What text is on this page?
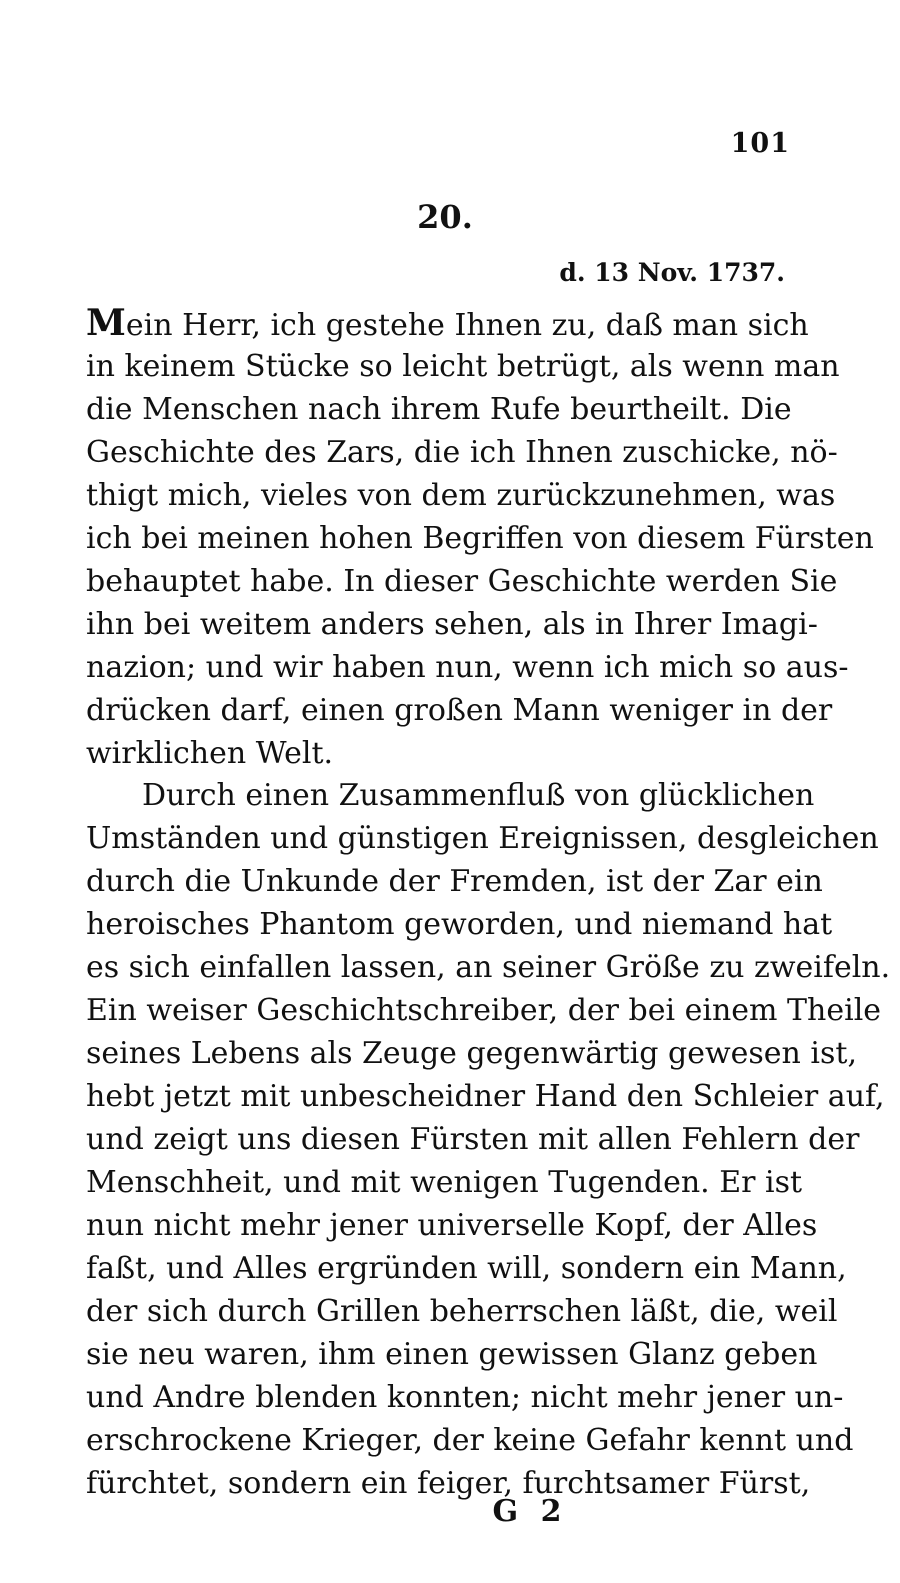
101
20.
d. 13 Nov. 1737.
Mein Herr, ich gestehe Ihnen zu, daß man sich
in keinem Stücke so leicht betrügt, als wenn man
die Menschen nach ihrem Rufe beurtheilt. Die
Geschichte des Zars, die ich Ihnen zuschicke, nö-
thigt mich, vieles von dem zurückzunehmen, was
ich bei meinen hohen Begriffen von diesem Fürsten
behauptet habe. In dieser Geschichte werden Sie
ihn bei weitem anders sehen, als in Ihrer Imagi-
nazion; und wir haben nun, wenn ich mich so aus-
drücken darf, einen großen Mann weniger in der
wirklichen Welt.
Durch einen Zusammenfluß von glücklichen
Umständen und günstigen Ereignissen, desgleichen
durch die Unkunde der Fremden, ist der Zar ein
heroisches Phantom geworden, und niemand hat
es sich einfallen lassen, an seiner Größe zu zweifeln.
Ein weiser Geschichtschreiber, der bei einem Theile
seines Lebens als Zeuge gegenwärtig gewesen ist,
hebt jetzt mit unbescheidner Hand den Schleier auf,
und zeigt uns diesen Fürsten mit allen Fehlern der
Menschheit, und mit wenigen Tugenden. Er ist
nun nicht mehr jener universelle Kopf, der Alles
faßt, und Alles ergründen will, sondern ein Mann,
der sich durch Grillen beherrschen läßt, die, weil
sie neu waren, ihm einen gewissen Glanz geben
und Andre blenden konnten; nicht mehr jener un-
erschrockene Krieger, der keine Gefahr kennt und
fürchtet, sondern ein feiger, furchtsamer Fürst,
G 2
